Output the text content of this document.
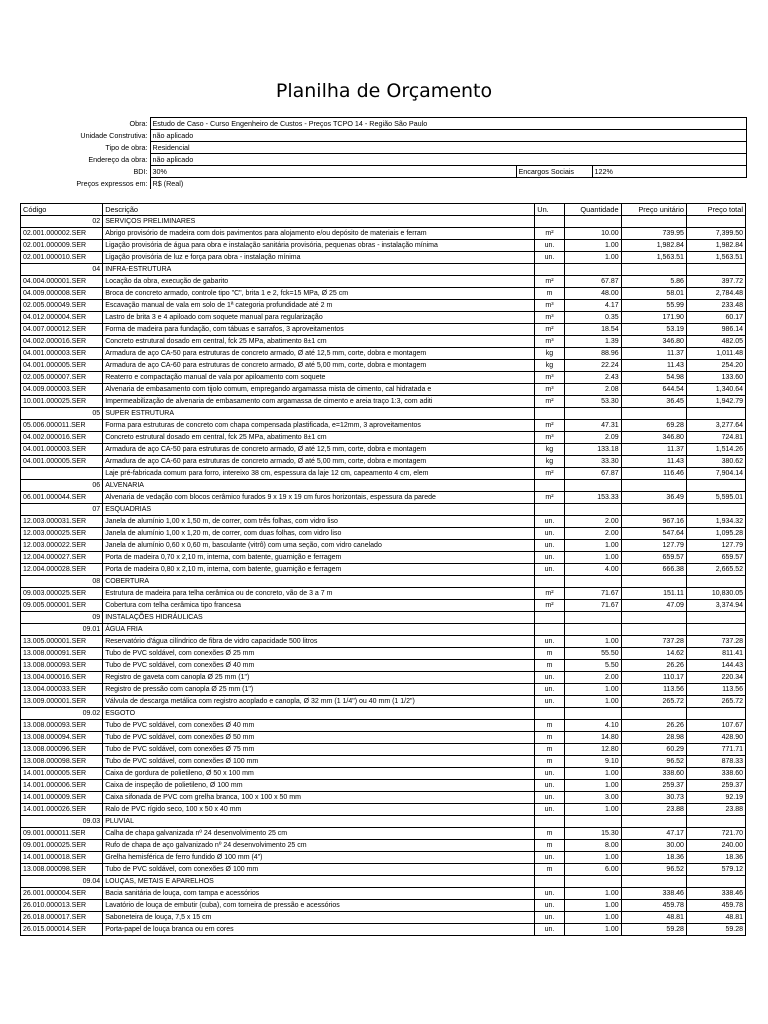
Planilha de Orçamento
Obra:	Estudo de Caso - Curso Engenheiro de Custos - Preços TCPO 14 - Região São Paulo		
Unidade Construtiva:	não aplicado		
Tipo de obra:	Residencial		
Endereço da obra:	não aplicado		
BDI:	30%	Encargos Sociais	122%
Preços expressos em:	R$ (Real)		
Código	Descrição	Un.	Quantidade	Preço unitário	Preço total
02	SERVIÇOS PRELIMINARES				
02.001.000002.SER	Abrigo provisório de madeira com dois pavimentos para alojamento e/ou depósito de materiais e ferram	m²	10.00	739.95	7,399.50
02.001.000009.SER	Ligação provisória de água para obra e instalação sanitária provisória, pequenas obras - instalação mínima	un.	1.00	1,982.84	1,982.84
02.001.000010.SER	Ligação provisória de luz e força para obra - instalação mínima	un.	1.00	1,563.51	1,563.51
04	INFRA-ESTRUTURA				
04.004.000001.SER	Locação da obra, execução de gabarito	m²	67.87	5.86	397.72
04.009.000008.SER	Broca de concreto armado, controle tipo "C", brita 1 e 2, fck=15 MPa, Ø 25 cm	m	48.00	58.01	2,784.48
02.005.000049.SER	Escavação manual de vala em solo de 1ª categoria profundidade até 2 m	m³	4.17	55.99	233.48
04.012.000004.SER	Lastro de brita 3 e 4 apiloado com soquete manual para regularização	m³	0.35	171.90	60.17
04.007.000012.SER	Forma de madeira para fundação, com tábuas e sarrafos, 3 aproveitamentos	m²	18.54	53.19	986.14
04.002.000016.SER	Concreto estrutural dosado em central, fck 25 MPa, abatimento 8±1 cm	m³	1.39	346.80	482.05
04.001.000003.SER	Armadura de aço CA-50 para estruturas de concreto armado, Ø até 12,5 mm, corte, dobra e montagem	kg	88.96	11.37	1,011.48
04.001.000005.SER	Armadura de aço CA-60 para estruturas de concreto armado, Ø até 5,00 mm, corte, dobra e montagem	kg	22.24	11.43	254.20
02.005.000007.SER	Reaterro e compactação manual de vala por apiloamento com soquete	m³	2.43	54.98	133.60
04.009.000003.SER	Alvenaria de embasamento com tijolo comum, empregando argamassa mista de cimento, cal hidratada e	m³	2.08	644.54	1,340.64
10.001.000025.SER	Impermeabilização de alvenaria de embasamento com argamassa de cimento e areia traço 1:3, com aditi	m²	53.30	36.45	1,942.79
05	SUPER ESTRUTURA				
05.006.000011.SER	Forma para estruturas de concreto com chapa compensada plastificada, e=12mm, 3 aproveitamentos	m²	47.31	69.28	3,277.64
04.002.000016.SER	Concreto estrutural dosado em central, fck 25 MPa, abatimento 8±1 cm	m³	2.09	346.80	724.81
04.001.000003.SER	Armadura de aço CA-50 para estruturas de concreto armado, Ø até 12,5 mm, corte, dobra e montagem	kg	133.18	11.37	1,514.26
04.001.000005.SER	Armadura de aço CA-60 para estruturas de concreto armado, Ø até 5,00 mm, corte, dobra e montagem	kg	33.30	11.43	380.62
	Laje pré-fabricada comum para forro, intereixo 38 cm, espessura da laje 12 cm, capeamento 4 cm, elem	m²	67.87	116.46	7,904.14
06	ALVENARIA				
06.001.000044.SER	Alvenaria de vedação com blocos cerâmico furados 9 x 19 x 19 cm furos horizontais, espessura da parede	m²	153.33	36.49	5,595.01
07	ESQUADRIAS				
12.003.000031.SER	Janela de alumínio 1,00 x 1,50 m, de correr, com três folhas, com vidro liso	un.	2.00	967.16	1,934.32
12.003.000025.SER	Janela de alumínio 1,00 x 1,20 m, de correr, com duas folhas, com vidro liso	un.	2.00	547.64	1,095.28
12.003.000022.SER	Janela de alumínio 0,60 x 0,60 m, basculante (vitrô) com uma seção, com vidro canelado	un.	1.00	127.79	127.79
12.004.000027.SER	Porta de madeira 0,70 x 2,10 m, interna, com batente, guarnição e ferragem	un.	1.00	659.57	659.57
12.004.000028.SER	Porta de madeira 0,80 x 2,10 m, interna, com batente, guarnição e ferragem	un.	4.00	666.38	2,665.52
08	COBERTURA				
09.003.000025.SER	Estrutura de madeira para telha cerâmica ou de concreto, vão de 3 a 7 m	m²	71.67	151.11	10,830.05
09.005.000001.SER	Cobertura com telha cerâmica tipo francesa	m²	71.67	47.09	3,374.94
09	INSTALAÇÕES HIDRÁULICAS				
09.01	ÁGUA FRIA				
13.005.000001.SER	Reservatório d'água cilíndrico de fibra de vidro capacidade 500 litros	un.	1.00	737.28	737.28
13.008.000091.SER	Tubo de PVC soldável, com conexões Ø 25 mm	m	55.50	14.62	811.41
13.008.000093.SER	Tubo de PVC soldável, com conexões Ø 40 mm	m	5.50	26.26	144.43
13.004.000016.SER	Registro de gaveta com canopla Ø 25 mm (1")	un.	2.00	110.17	220.34
13.004.000033.SER	Registro de pressão com canopla Ø 25 mm (1")	un.	1.00	113.56	113.56
13.009.000001.SER	Válvula de descarga metálica com registro acoplado e canopla, Ø 32 mm (1 1/4") ou 40 mm (1 1/2")	un.	1.00	265.72	265.72
09.02	ESGOTO				
13.008.000093.SER	Tubo de PVC soldável, com conexões Ø 40 mm	m	4.10	26.26	107.67
13.008.000094.SER	Tubo de PVC soldável, com conexões Ø 50 mm	m	14.80	28.98	428.90
13.008.000096.SER	Tubo de PVC soldável, com conexões Ø 75 mm	m	12.80	60.29	771.71
13.008.000098.SER	Tubo de PVC soldável, com conexões Ø 100 mm	m	9.10	96.52	878.33
14.001.000005.SER	Caixa de gordura de polietileno, Ø 50 x 100 mm	un.	1.00	338.60	338.60
14.001.000006.SER	Caixa de inspeção de polietileno, Ø 100 mm	un.	1.00	259.37	259.37
14.001.000009.SER	Caixa sifonada de PVC com grelha branca, 100 x 100 x 50 mm	un.	3.00	30.73	92.19
14.001.000026.SER	Ralo de PVC rígido seco, 100 x 50 x 40 mm	un.	1.00	23.88	23.88
09.03	PLUVIAL				
09.001.000011.SER	Calha de chapa galvanizada nº 24 desenvolvimento 25 cm	m	15.30	47.17	721.70
09.001.000025.SER	Rufo de chapa de aço galvanizado nº 24 desenvolvimento 25 cm	m	8.00	30.00	240.00
14.001.000018.SER	Grelha hemisférica de ferro fundido Ø 100 mm (4")	un.	1.00	18.36	18.36
13.008.000098.SER	Tubo de PVC soldável, com conexões Ø 100 mm	m	6.00	96.52	579.12
09.04	LOUÇAS, METAIS E APARELHOS				
26.001.000004.SER	Bacia sanitária de louça, com tampa e acessórios	un.	1.00	338.46	338.46
26.010.000013.SER	Lavatório de louça de embutir (cuba), com torneira de pressão e acessórios	un.	1.00	459.78	459.78
26.018.000017.SER	Saboneteira de louça, 7,5 x 15 cm	un.	1.00	48.81	48.81
26.015.000014.SER	Porta-papel de louça branca ou em cores	un.	1.00	59.28	59.28
